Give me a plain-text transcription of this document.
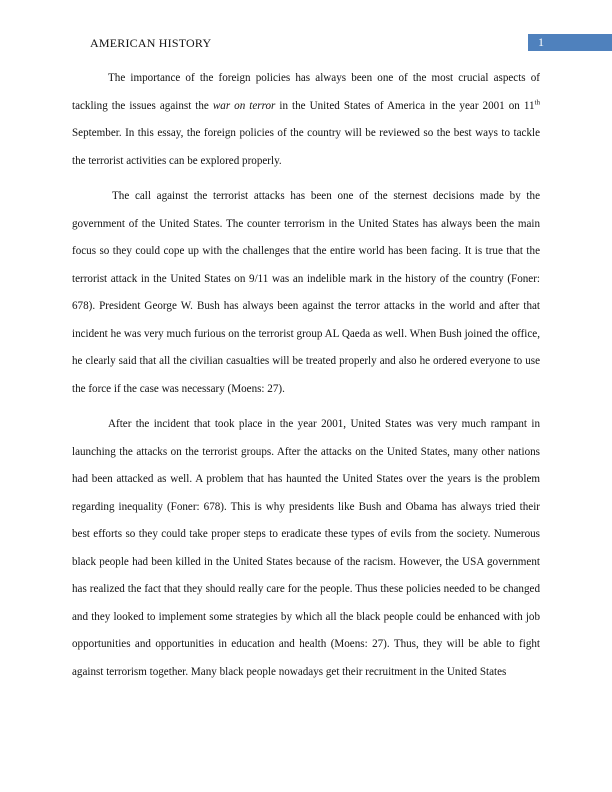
AMERICAN HISTORY	1

The importance of the foreign policies has always been one of the most crucial aspects of tackling the issues against the war on terror in the United States of America in the year 2001 on 11th September. In this essay, the foreign policies of the country will be reviewed so the best ways to tackle the terrorist activities can be explored properly.

The call against the terrorist attacks has been one of the sternest decisions made by the government of the United States. The counter terrorism in the United States has always been the main focus so they could cope up with the challenges that the entire world has been facing. It is true that the terrorist attack in the United States on 9/11 was an indelible mark in the history of the country (Foner: 678). President George W. Bush has always been against the terror attacks in the world and after that incident he was very much furious on the terrorist group AL Qaeda as well. When Bush joined the office, he clearly said that all the civilian casualties will be treated properly and also he ordered everyone to use the force if the case was necessary (Moens: 27).

After the incident that took place in the year 2001, United States was very much rampant in launching the attacks on the terrorist groups. After the attacks on the United States, many other nations had been attacked as well. A problem that has haunted the United States over the years is the problem regarding inequality (Foner: 678). This is why presidents like Bush and Obama has always tried their best efforts so they could take proper steps to eradicate these types of evils from the society. Numerous black people had been killed in the United States because of the racism. However, the USA government has realized the fact that they should really care for the people. Thus these policies needed to be changed and they looked to implement some strategies by which all the black people could be enhanced with job opportunities and opportunities in education and health (Moens: 27). Thus, they will be able to fight against terrorism together. Many black people nowadays get their recruitment in the United States
